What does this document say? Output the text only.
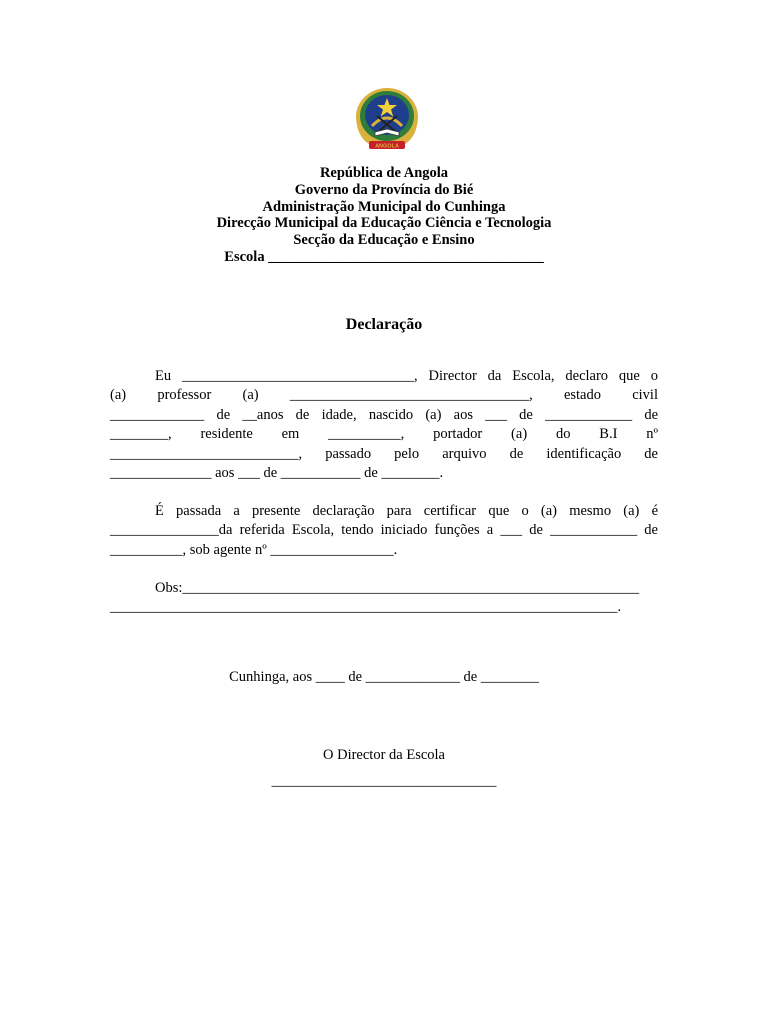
ANGOLA
República de Angola
Governo da Província do Bié
Administração Municipal do Cunhinga
Direcção Municipal da Educação Ciência e Tecnologia
Secção da Educação e Ensino
Escola ______________________________________
Declaração
Eu ________________________________, Director da Escola, declaro que o
(a) professor (a) _________________________________, estado civil
_____________ de __anos de idade, nascido (a) aos ___ de ____________ de
________, residente em __________, portador (a) do B.I nº
__________________________, passado pelo arquivo de identificação de
______________ aos ___ de ___________ de ________.
É passada a presente declaração para certificar que o (a) mesmo (a) é
_______________da referida Escola, tendo iniciado funções a ___ de ____________ de
__________, sob agente nº _________________.
Obs:_______________________________________________________________
______________________________________________________________________.
Cunhinga, aos ____ de _____________ de ________
O Director da Escola
_______________________________
